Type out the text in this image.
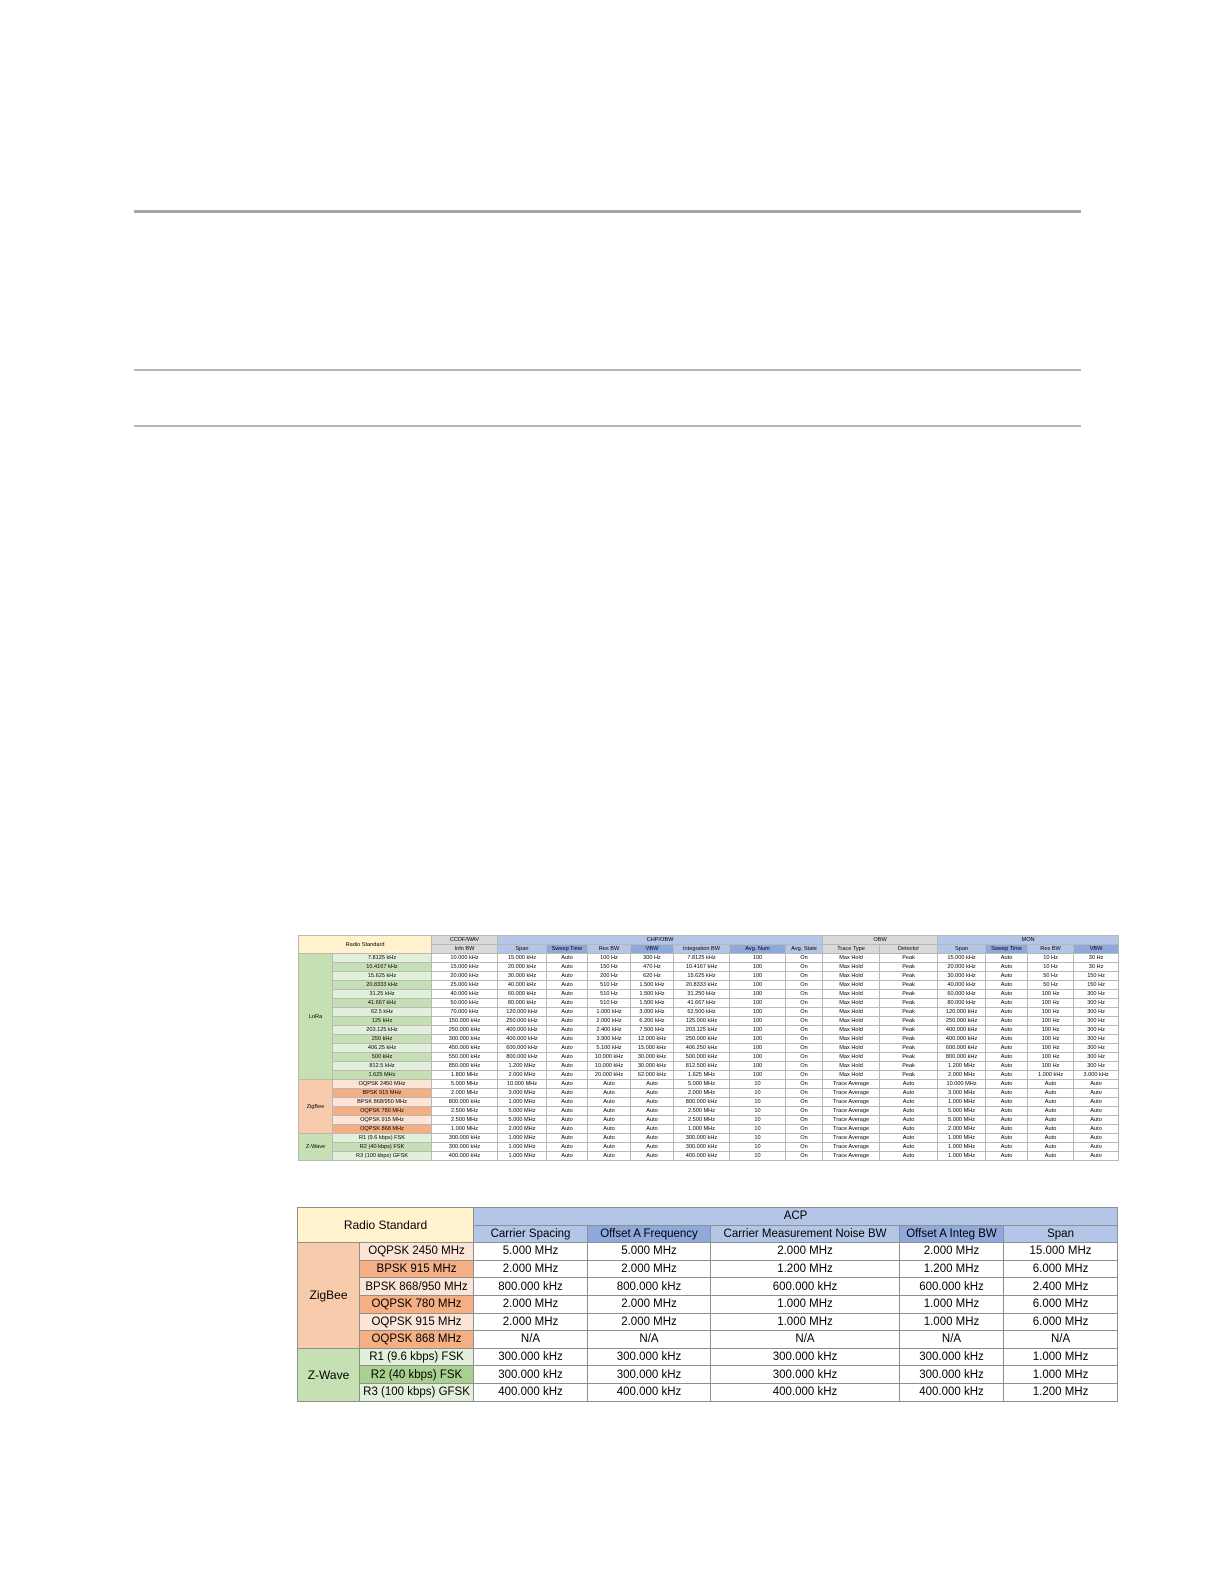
Radio Standard		CCDF/WAV	CHP/OBW							OBW		MON			
		Info BW	Span	Sweep Time	Res BW	VBW	Integration BW	Avg. Num	Avg. State	Trace Type	Detector	Span	Sweep Time	Res BW	VBW
LoRa	7.8125 kHz	10.000 kHz	15.000 kHz	Auto	100 Hz	300 Hz	7.8125 kHz	100	On	Max Hold	Peak	15.000 kHz	Auto	10 Hz	30 Hz
	10.4167 kHz	15.000 kHz	20.000 kHz	Auto	150 Hz	470 Hz	10.4167 kHz	100	On	Max Hold	Peak	20.000 kHz	Auto	10 Hz	30 Hz
	15.625 kHz	20.000 kHz	30.000 kHz	Auto	200 Hz	620 Hz	15.625 kHz	100	On	Max Hold	Peak	30.000 kHz	Auto	50 Hz	150 Hz
	20.8333 kHz	25.000 kHz	40.000 kHz	Auto	510 Hz	1.500 kHz	20.8333 kHz	100	On	Max Hold	Peak	40.000 kHz	Auto	50 Hz	150 Hz
	31.25 kHz	40.000 kHz	60.000 kHz	Auto	510 Hz	1.500 kHz	31.250 kHz	100	On	Max Hold	Peak	60.000 kHz	Auto	100 Hz	300 Hz
	41.667 kHz	50.000 kHz	80.000 kHz	Auto	510 Hz	1.500 kHz	41.667 kHz	100	On	Max Hold	Peak	80.000 kHz	Auto	100 Hz	300 Hz
	62.5 kHz	70.000 kHz	120.000 kHz	Auto	1.000 kHz	3.000 kHz	62.500 kHz	100	On	Max Hold	Peak	120.000 kHz	Auto	100 Hz	300 Hz
	125 kHz	150.000 kHz	250.000 kHz	Auto	2.000 kHz	6.200 kHz	125.000 kHz	100	On	Max Hold	Peak	250.000 kHz	Auto	100 Hz	300 Hz
	203.125 kHz	250.000 kHz	400.000 kHz	Auto	2.400 kHz	7.500 kHz	203.125 kHz	100	On	Max Hold	Peak	400.000 kHz	Auto	100 Hz	300 Hz
	250 kHz	300.000 kHz	400.000 kHz	Auto	3.900 kHz	12.000 kHz	250.000 kHz	100	On	Max Hold	Peak	400.000 kHz	Auto	100 Hz	300 Hz
	406.25 kHz	450.000 kHz	600.000 kHz	Auto	5.100 kHz	15.000 kHz	406.250 kHz	100	On	Max Hold	Peak	600.000 kHz	Auto	100 Hz	300 Hz
	500 kHz	550.000 kHz	800.000 kHz	Auto	10.000 kHz	30.000 kHz	500.000 kHz	100	On	Max Hold	Peak	800.000 kHz	Auto	100 Hz	300 Hz
	812.5 kHz	850.000 kHz	1.200 MHz	Auto	10.000 kHz	30.000 kHz	812.500 kHz	100	On	Max Hold	Peak	1.200 MHz	Auto	100 Hz	300 Hz
	1.625 MHz	1.800 MHz	2.000 MHz	Auto	20.000 kHz	62.000 kHz	1.625 MHz	100	On	Max Hold	Peak	2.000 MHz	Auto	1.000 kHz	3.000 kHz
ZigBee	OQPSK 2450 MHz	5.000 MHz	10.000 MHz	Auto	Auto	Auto	5.000 MHz	10	On	Trace Average	Auto	10.000 MHz	Auto	Auto	Auto
	BPSK 915 MHz	2.000 MHz	3.000 MHz	Auto	Auto	Auto	2.000 MHz	10	On	Trace Average	Auto	3.000 MHz	Auto	Auto	Auto
	BPSK 868/950 MHz	800.000 kHz	1.000 MHz	Auto	Auto	Auto	800.000 kHz	10	On	Trace Average	Auto	1.000 MHz	Auto	Auto	Auto
	OQPSK 780 MHz	2.500 MHz	5.000 MHz	Auto	Auto	Auto	2.500 MHz	10	On	Trace Average	Auto	5.000 MHz	Auto	Auto	Auto
	OQPSK 915 MHz	2.500 MHz	5.000 MHz	Auto	Auto	Auto	2.500 MHz	10	On	Trace Average	Auto	5.000 MHz	Auto	Auto	Auto
	OQPSK 868 MHz	1.000 MHz	2.000 MHz	Auto	Auto	Auto	1.000 MHz	10	On	Trace Average	Auto	2.000 MHz	Auto	Auto	Auto
Z-Wave	R1 (9.6 kbps) FSK	300.000 kHz	1.000 MHz	Auto	Auto	Auto	300.000 kHz	10	On	Trace Average	Auto	1.000 MHz	Auto	Auto	Auto
	R2 (40 kbps) FSK	300.000 kHz	1.000 MHz	Auto	Auto	Auto	300.000 kHz	10	On	Trace Average	Auto	1.000 MHz	Auto	Auto	Auto
	R3 (100 kbps) GFSK	400.000 kHz	1.000 MHz	Auto	Auto	Auto	400.000 kHz	10	On	Trace Average	Auto	1.000 MHz	Auto	Auto	Auto
Radio Standard		ACP				
		Carrier Spacing	Offset A Frequency	Carrier Measurement Noise BW	Offset A Integ BW	Span
ZigBee	OQPSK 2450 MHz	5.000 MHz	5.000 MHz	2.000 MHz	2.000 MHz	15.000 MHz
	BPSK 915 MHz	2.000 MHz	2.000 MHz	1.200 MHz	1.200 MHz	6.000 MHz
	BPSK 868/950 MHz	800.000 kHz	800.000 kHz	600.000 kHz	600.000 kHz	2.400 MHz
	OQPSK 780 MHz	2.000 MHz	2.000 MHz	1.000 MHz	1.000 MHz	6.000 MHz
	OQPSK 915 MHz	2.000 MHz	2.000 MHz	1.000 MHz	1.000 MHz	6.000 MHz
	OQPSK 868 MHz	N/A	N/A	N/A	N/A	N/A
Z-Wave	R1 (9.6 kbps) FSK	300.000 kHz	300.000 kHz	300.000 kHz	300.000 kHz	1.000 MHz
	R2 (40 kbps) FSK	300.000 kHz	300.000 kHz	300.000 kHz	300.000 kHz	1.000 MHz
	R3 (100 kbps) GFSK	400.000 kHz	400.000 kHz	400.000 kHz	400.000 kHz	1.200 MHz
